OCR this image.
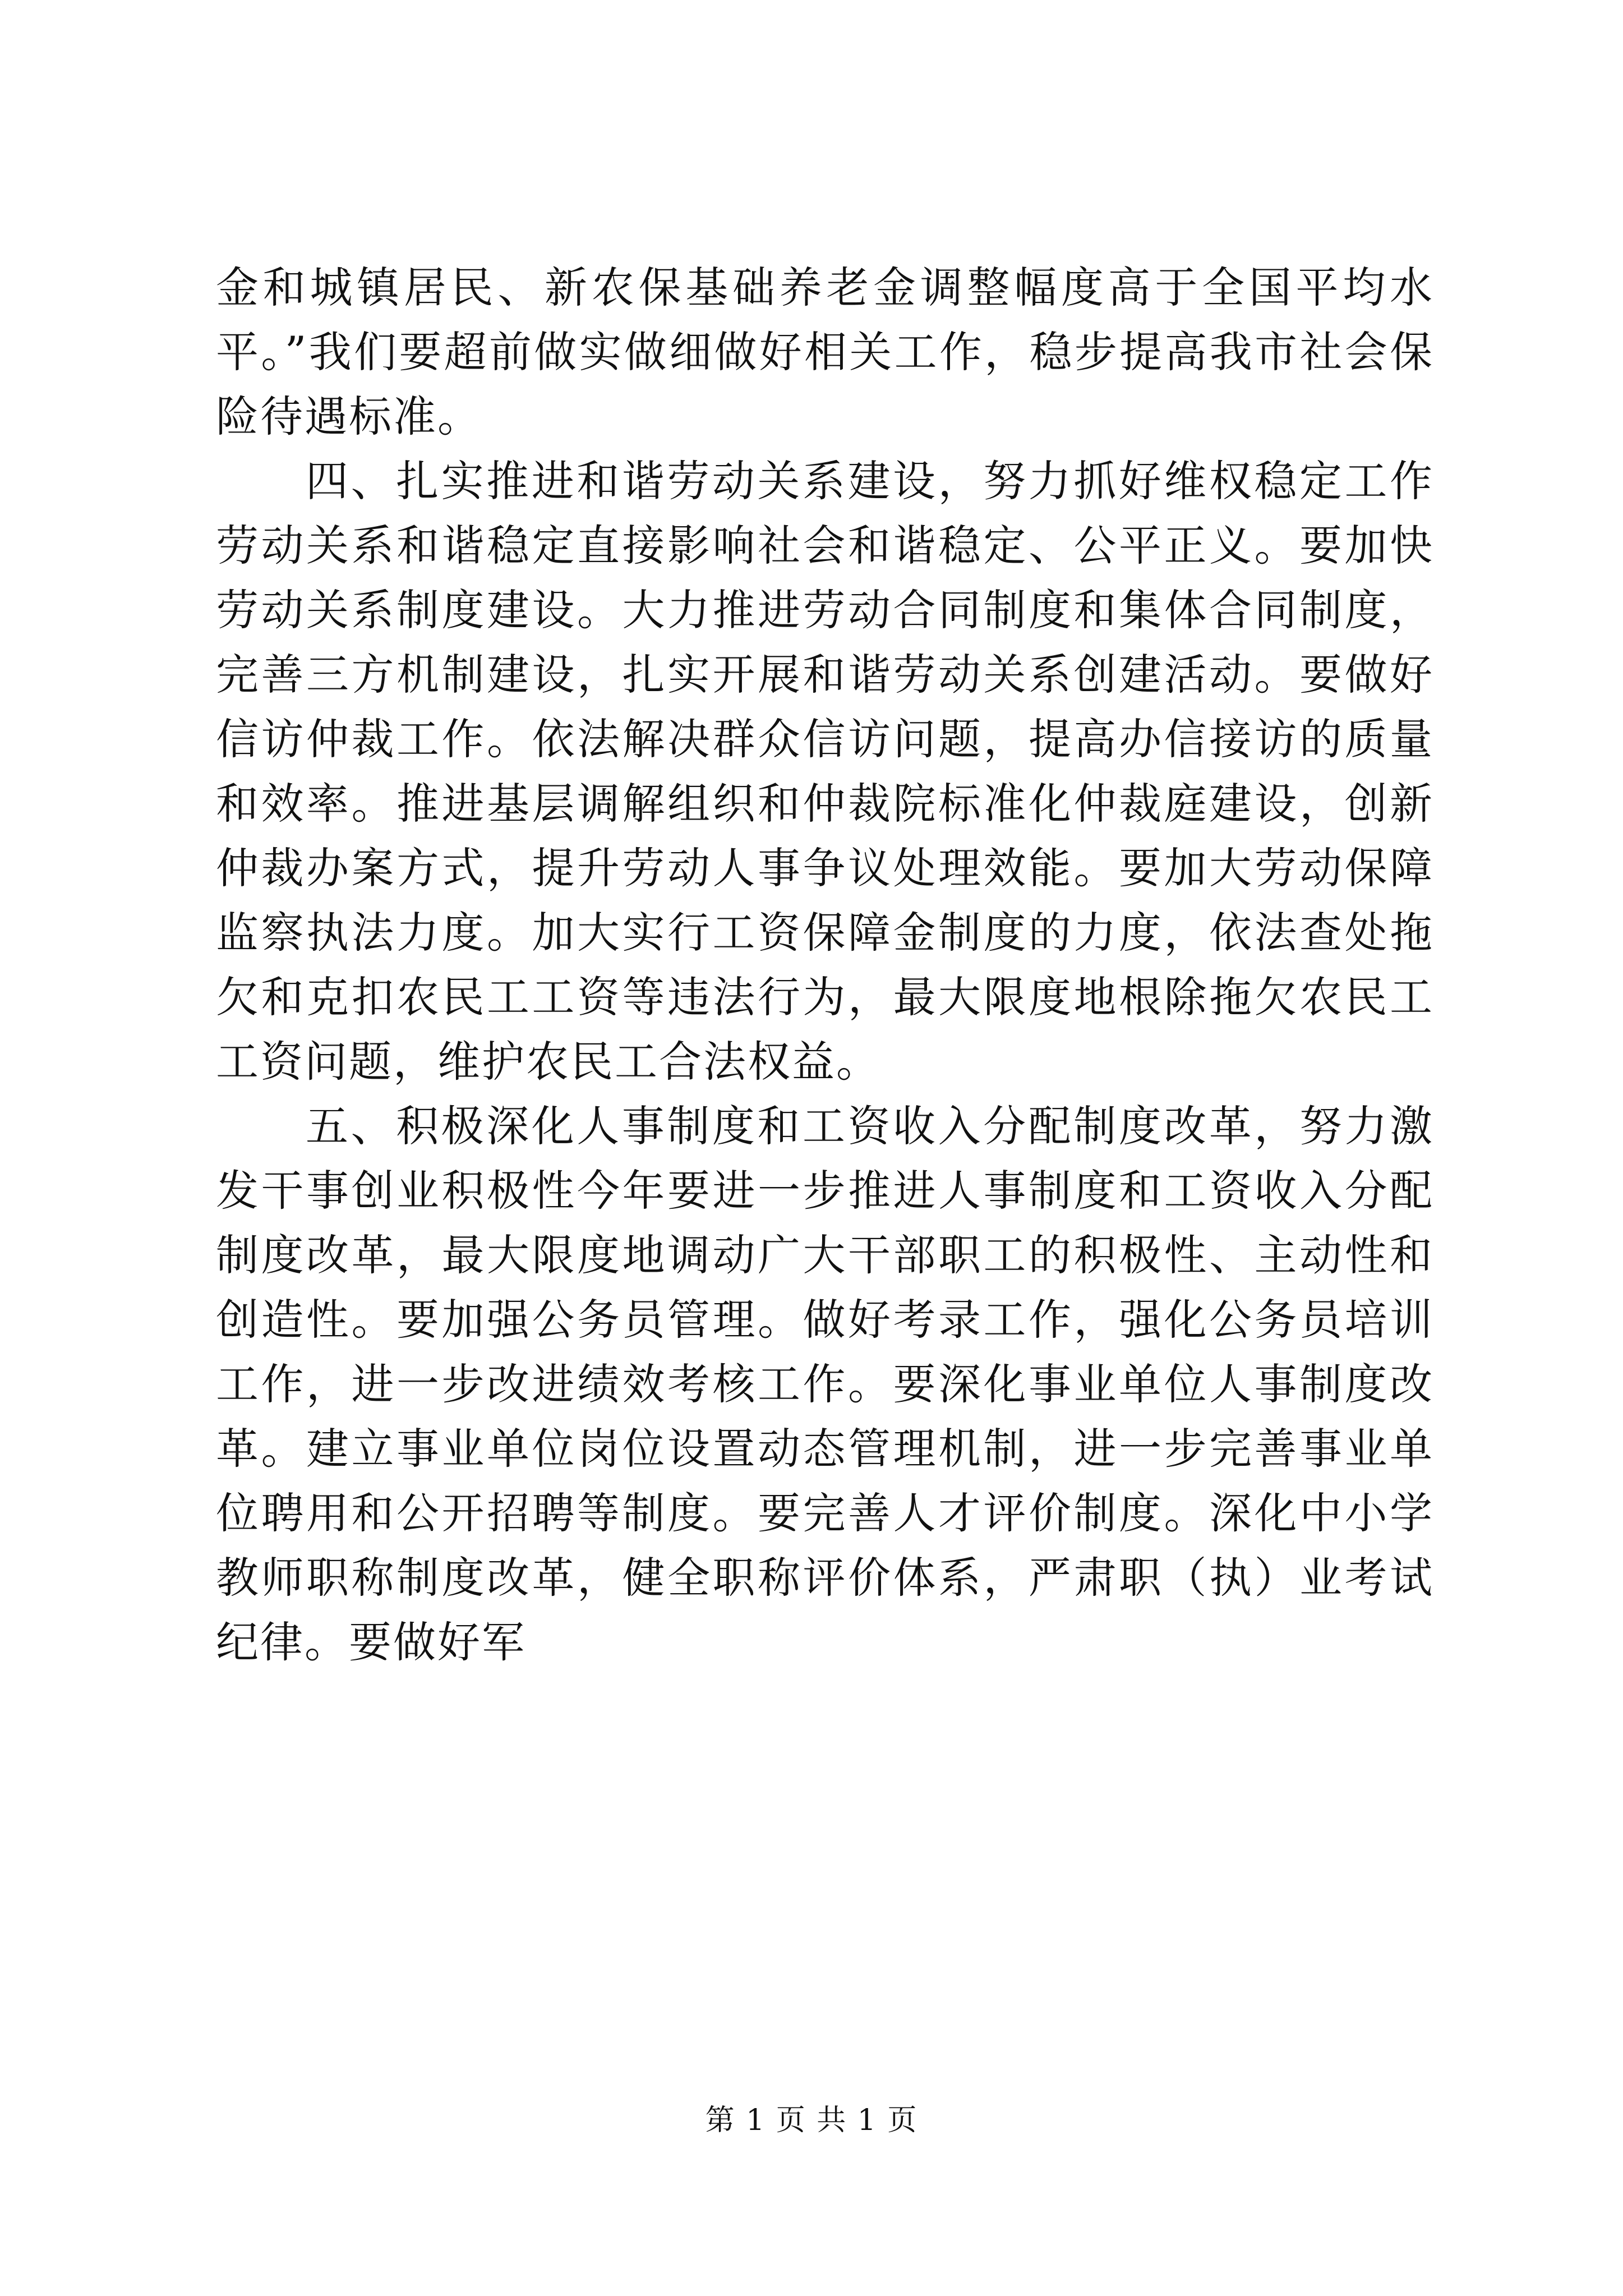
金和城镇居民、新农保基础养老金调整幅度高于全国平均水平。”我们要超前做实做细做好相关工作，稳步提高我市社会保险待遇标准。

四、扎实推进和谐劳动关系建设，努力抓好维权稳定工作劳动关系和谐稳定直接影响社会和谐稳定、公平正义。要加快劳动关系制度建设。大力推进劳动合同制度和集体合同制度，完善三方机制建设，扎实开展和谐劳动关系创建活动。要做好信访仲裁工作。依法解决群众信访问题，提高办信接访的质量和效率。推进基层调解组织和仲裁院标准化仲裁庭建设，创新仲裁办案方式，提升劳动人事争议处理效能。要加大劳动保障监察执法力度。加大实行工资保障金制度的力度，依法查处拖欠和克扣农民工工资等违法行为，最大限度地根除拖欠农民工工资问题，维护农民工合法权益。

五、积极深化人事制度和工资收入分配制度改革，努力激发干事创业积极性今年要进一步推进人事制度和工资收入分配制度改革，最大限度地调动广大干部职工的积极性、主动性和创造性。要加强公务员管理。做好考录工作，强化公务员培训工作，进一步改进绩效考核工作。要深化事业单位人事制度改革。建立事业单位岗位设置动态管理机制，进一步完善事业单位聘用和公开招聘等制度。要完善人才评价制度。深化中小学教师职称制度改革，健全职称评价体系，严肃职（执）业考试纪律。要做好军

第 1 页 共 1 页
